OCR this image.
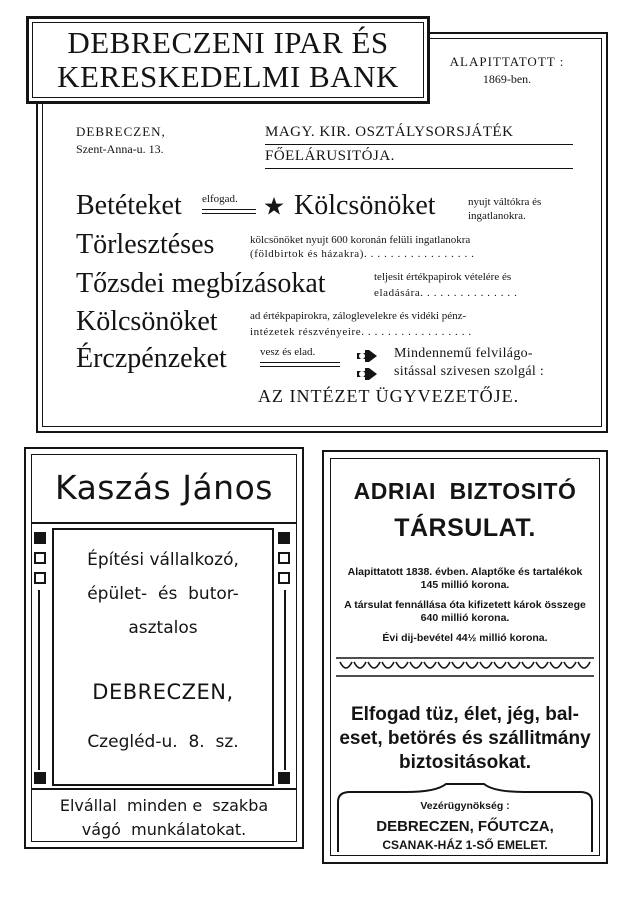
DEBRECZENI IPAR ÉS
KERESKEDELMI BANK	ALAPITTATOTT :
1869-ben.
DEBRECZEN,
Szent-Anna-u. 13.
MAGY. KIR. OSZTÁLYSORSJÁTÉK
FŐELÁRUSITÓJA.
Betéteket elfogad. Kölcsönöket	nyujt váltókra és
ingatlanokra.
Törlesztéses	kölcsönöket nyujt 600 koronán felüli ingatlanokra
(földbirtok és házakra). . . . . . . . . . . . . . . . .
Tőzsdei megbízásokat	teljesit értékpapirok vételére és
eladására. . . . . . . . . . . . . . .
Kölcsönöket	ad értékpapirokra, záloglevelekre és vidéki pénz-
intézetek részvényeire. . . . . . . . . . . . . . . . .
Érczpénzeket	vesz és elad.	Mindennemű felvilágo-
sitással szivesen szolgál :
AZ INTÉZET ÜGYVEZETŐJE.
Kaszás János
Építési vállalkozó,
épület-  és  butor-
asztalos
DEBRECZEN,
Czegléd-u.  8.  sz.
Elvállal  minden e  szakba
vágó  munkálatokat.
ADRIAI  BIZTOSITÓ
TÁRSULAT.
Alapittatott 1838. évben. Alaptőke és tartalékok
145 millió korona.
A társulat fennállása óta kifizetett károk összege
640 millió korona.
Évi dij-bevétel 44½ millió korona.
Elfogad tüz, élet, jég, bal-
eset, betörés és szállitmány
biztositásokat.
Vezérügynökség :
DEBRECZEN, FŐUTCZA,
CSANAK-HÁZ 1-SŐ EMELET.
